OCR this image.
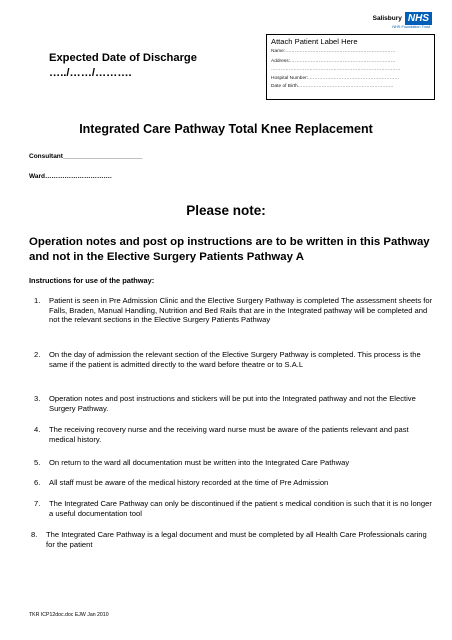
Salisbury NHS
NHS Foundation Trust
Attach Patient Label Here
Name:……………………………………………………………
Address:…………………………………………………………
………………………………………………………………………
Hospital Number:…………………………………………………
Date of Birth……………………………………………………
Expected Date of Discharge
…../……/……….
Integrated Care Pathway Total Knee Replacement
Consultant______________________
Ward………………………….
Please note:
Operation notes and post op instructions are to be written in this Pathway and not in the Elective Surgery Patients Pathway A
Instructions for use of the pathway:
1.	Patient is seen in Pre Admission Clinic and the Elective Surgery Pathway is completed The assessment sheets for Falls, Braden, Manual Handling, Nutrition and Bed Rails that are in the Integrated pathway will be completed and not the relevant sections in the Elective Surgery Patients Pathway
2.	On the day of admission the relevant section of the Elective Surgery Pathway is completed. This process is the same if the patient is admitted directly to the ward before theatre or to S.A.L
3.	Operation notes and post instructions and stickers will be put into the Integrated pathway and not the Elective Surgery Pathway.
4.	The receiving recovery nurse and the receiving ward nurse must be aware of the patients relevant and past medical history.
5.	On return to the ward all documentation must be written into the Integrated Care Pathway
6.	All staff must be aware of the medical history recorded at the time of Pre Admission
7.	The Integrated Care Pathway can only be discontinued if the patient s medical condition is such that it is no longer a useful documentation tool
8.	The Integrated Care Pathway is a legal document and must be completed by all Health Care Professionals caring for the patient
TKR ICP12doc.doc EJW Jan 2010
